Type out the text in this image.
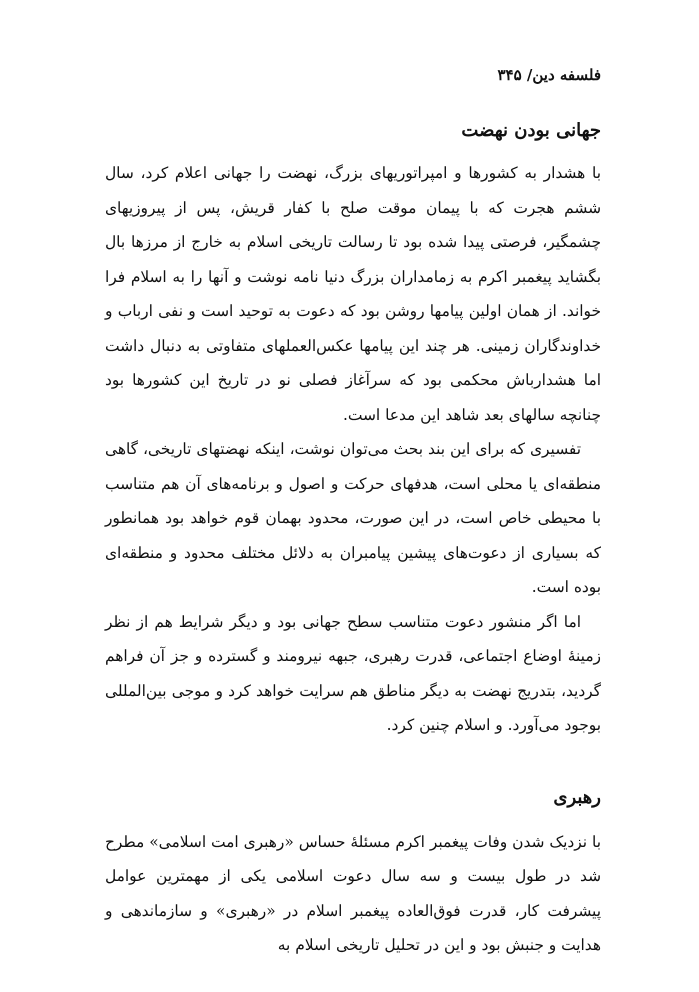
فلسفه دین/ ۳۴۵
جهانی بودن نهضت

با هشدار به کشورها و امپراتوریهای بزرگ، نهضت را جهانی اعلام کرد، سال ششم هجرت که با پیمان موقت صلح با کفار قریش، پس از پیروزیهای چشمگیر، فرصتی پیدا شده بود تا رسالت تاریخی اسلام به خارج از مرزها بال بگشاید پیغمبر اکرم به زمامداران بزرگ دنیا نامه نوشت و آنها را به اسلام فرا خواند. از همان اولین پیامها روشن بود که دعوت به توحید است و نفی ارباب و خداوندگاران زمینی. هر چند این پیامها عکس‌العملهای متفاوتی به دنبال داشت اما هشدارباش محکمی بود که سرآغاز فصلی نو در تاریخ این کشورها بود چنانچه سالهای بعد شاهد این مدعا است.

تفسیری که برای این بند بحث می‌توان نوشت، اینکه نهضتهای تاریخی، گاهی منطقه‌ای یا محلی است، هدفهای حرکت و اصول و برنامه‌های آن هم متناسب با محیطی خاص است، در این صورت، محدود بهمان قوم خواهد بود همانطور که بسیاری از دعوت‌های پیشین پیامبران به دلائل مختلف محدود و منطقه‌ای بوده است.

اما اگر منشور دعوت متناسب سطح جهانی بود و دیگر شرایط هم از نظر زمینهٔ اوضاع اجتماعی، قدرت رهبری، جبهه نیرومند و گسترده و جز آن فراهم گردید، بتدریج نهضت به دیگر مناطق هم سرایت خواهد کرد و موجی بین‌المللی بوجود می‌آورد. و اسلام چنین کرد.

رهبری

با نزدیک شدن وفات پیغمبر اکرم مسئلهٔ حساس «رهبری امت اسلامی» مطرح شد در طول بیست و سه سال دعوت اسلامی یکی از مهمترین عوامل پیشرفت کار، قدرت فوق‌العاده پیغمبر اسلام در «رهبری» و سازماندهی و هدایت و جنبش بود و این در تحلیل تاریخی اسلام به
